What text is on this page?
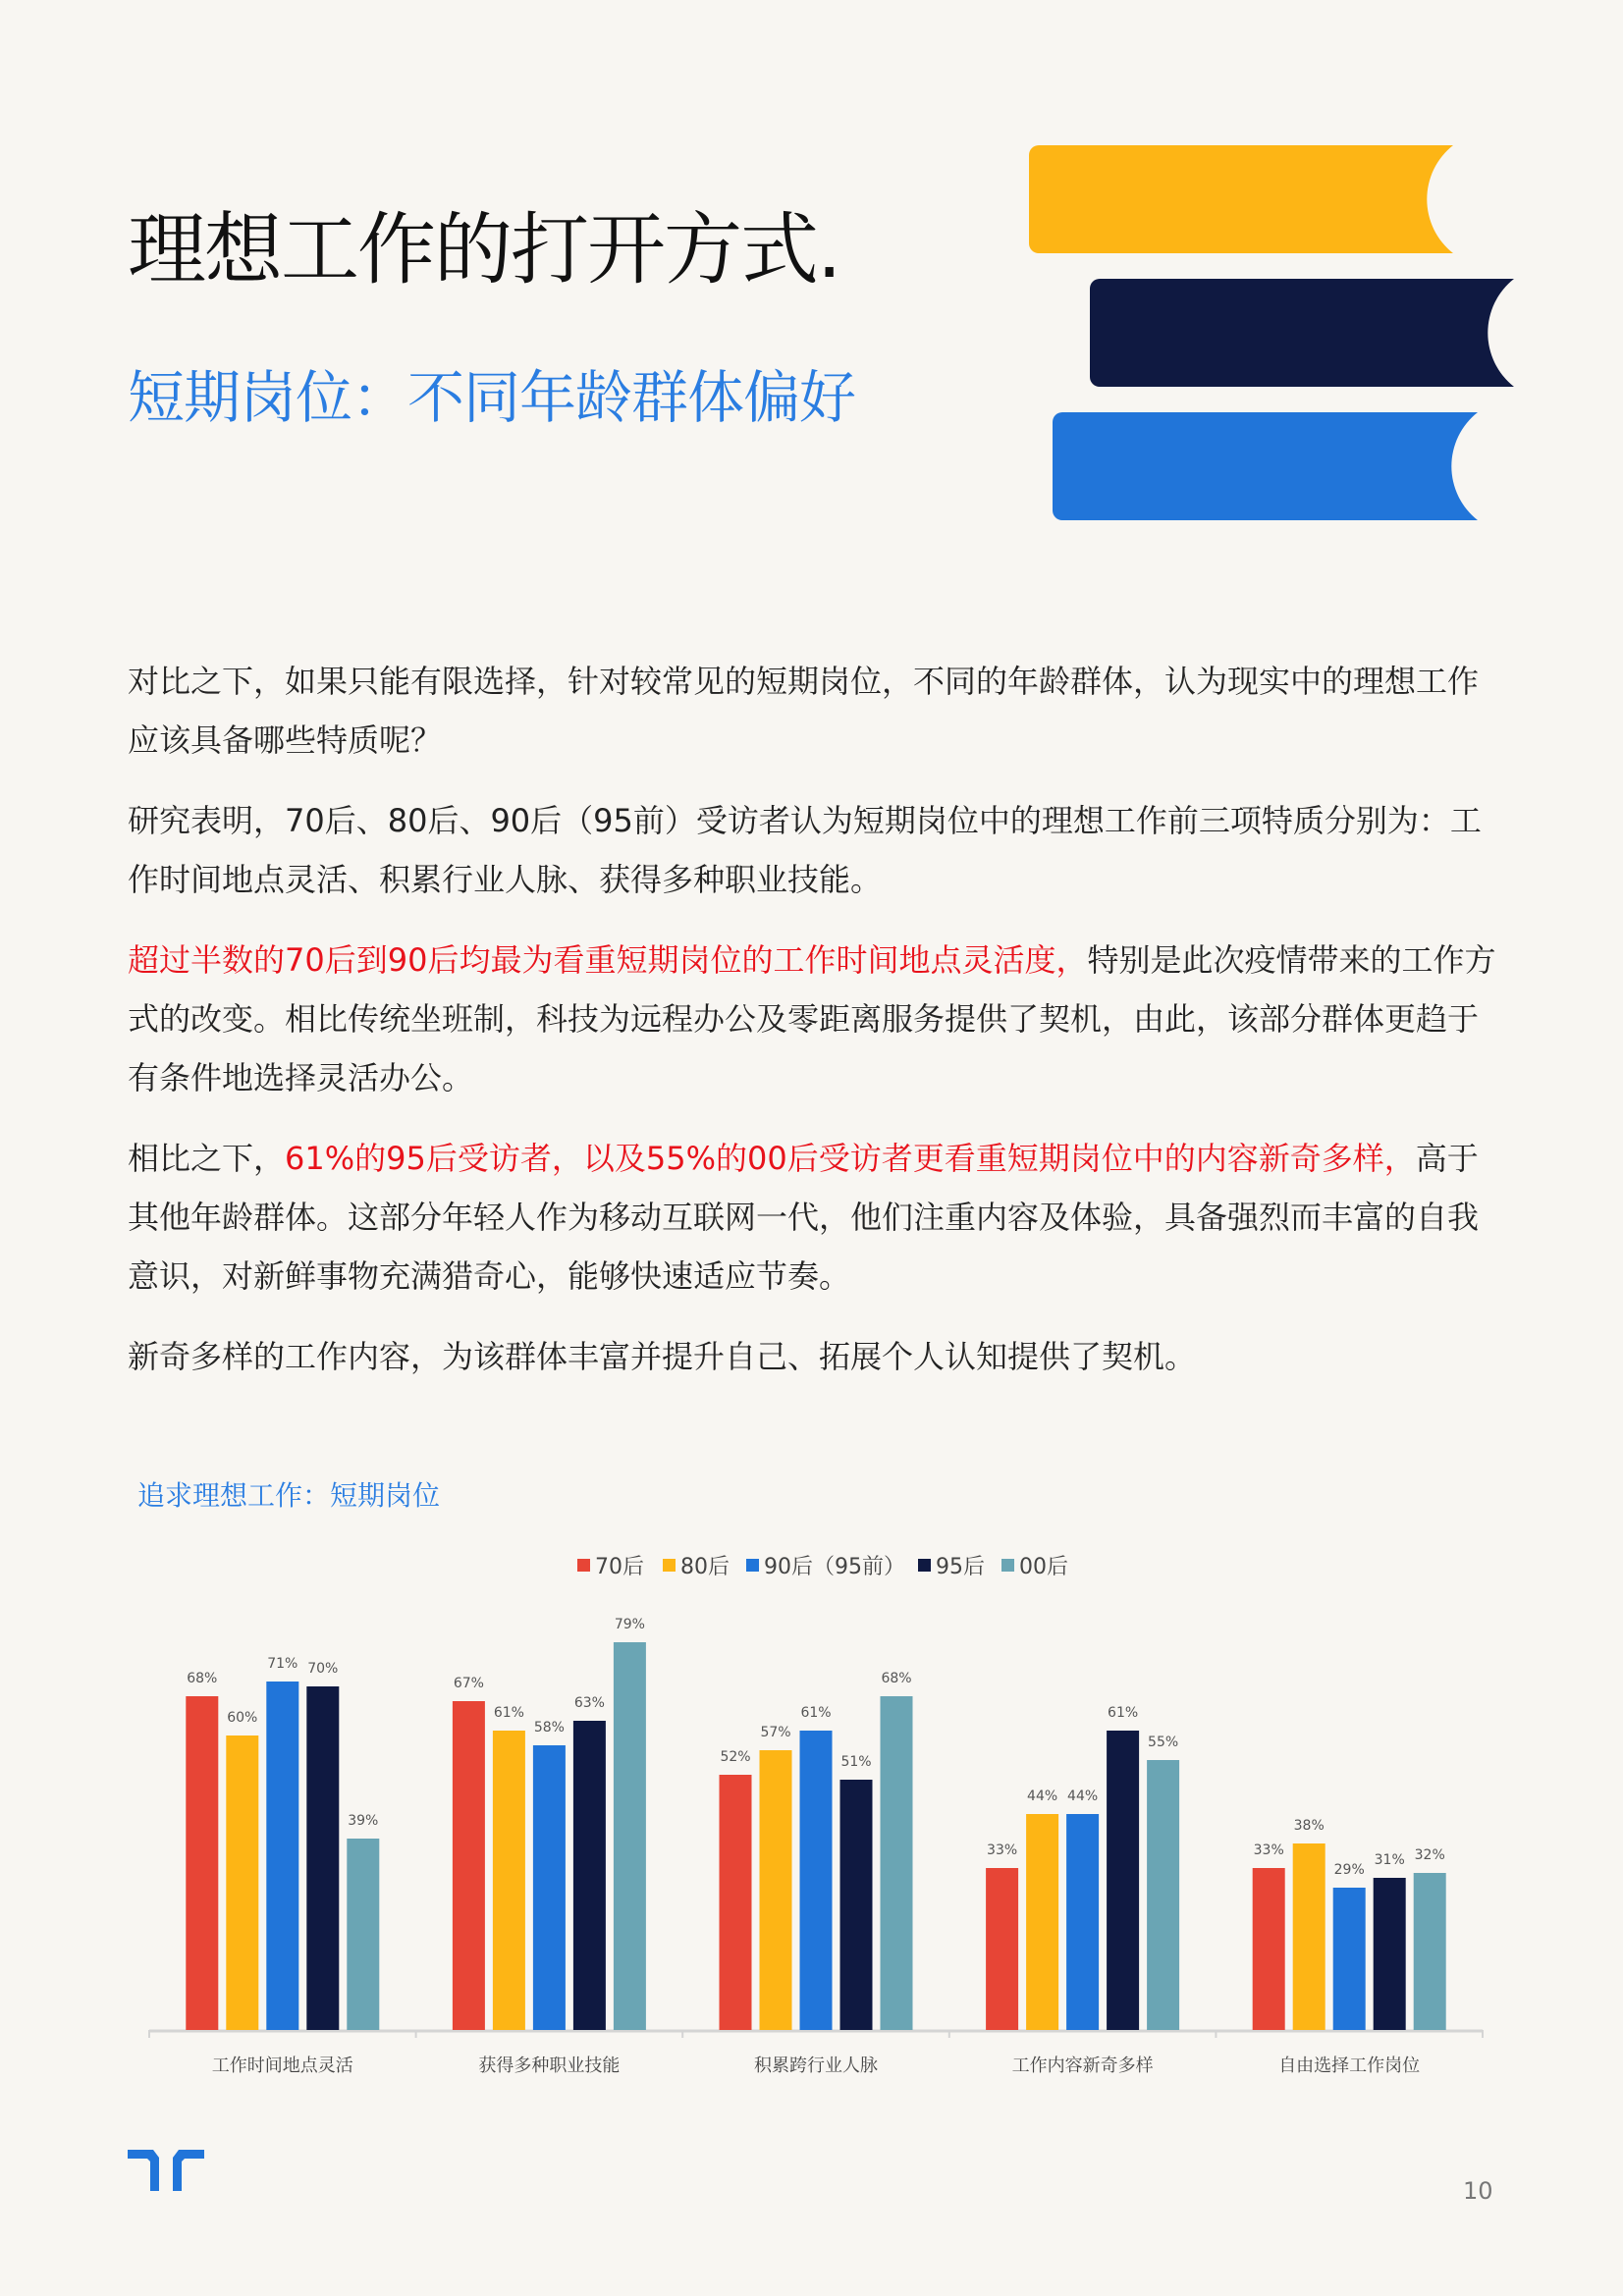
理想工作的打开方式.
短期岗位：不同年龄群体偏好

对比之下，如果只能有限选择，针对较常见的短期岗位，不同的年龄群体，认为现实中的理想工作应该具备哪些特质呢？

研究表明，70后、80后、90后（95前）受访者认为短期岗位中的理想工作前三项特质分别为：工作时间地点灵活、积累行业人脉、获得多种职业技能。

超过半数的70后到90后均最为看重短期岗位的工作时间地点灵活度，特别是此次疫情带来的工作方式的改变。相比传统坐班制，科技为远程办公及零距离服务提供了契机，由此，该部分群体更趋于有条件地选择灵活办公。

相比之下，61%的95后受访者，以及55%的00后受访者更看重短期岗位中的内容新奇多样，高于其他年龄群体。这部分年轻人作为移动互联网一代，他们注重内容及体验，具备强烈而丰富的自我意识，对新鲜事物充满猎奇心，能够快速适应节奏。

新奇多样的工作内容，为该群体丰富并提升自己、拓展个人认知提供了契机。

追求理想工作：短期岗位
70后 80后 90后（95前） 95后 00后
68%
60%
71% 70%
39%
工作时间地点灵活
67%
61%
58%
63%
79%
获得多种职业技能
52%
57%
61%
51%
68%
积累跨行业人脉
33%
44% 44%
61%
55%
工作内容新奇多样
33%
38%
29%
31% 32%
自由选择工作岗位
10
